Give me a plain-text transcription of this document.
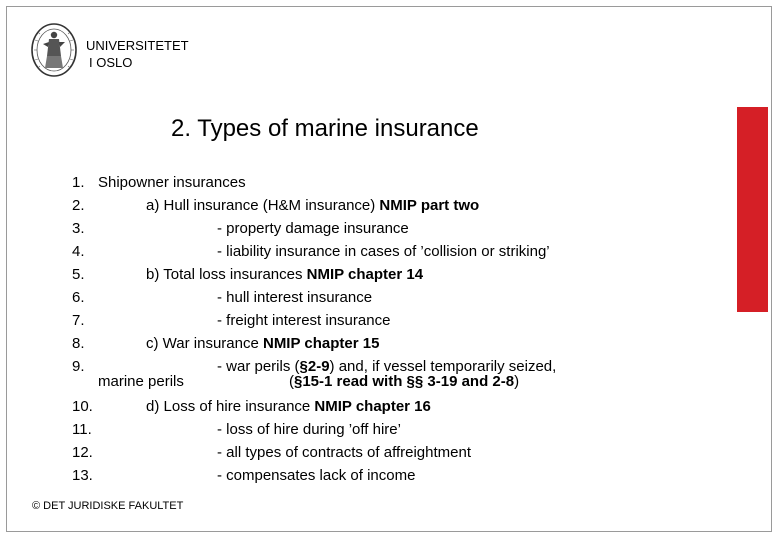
UNIVERSITETET
I OSLO
2. Types of marine insurance
1. Shipowner insurances
2.	a) Hull insurance (H&M insurance) NMIP part two
3.	- property damage insurance
4.	- liability insurance in cases of ’collision or striking’
5.	b) Total loss insurances NMIP chapter 14
6.	- hull interest insurance
7.	- freight interest insurance
8.	c) War insurance NMIP chapter 15
9.	- war perils (§2-9) and, if vessel temporarily seized,
marine perils	(§15-1 read with §§ 3-19 and 2-8)
10.	d) Loss of hire insurance NMIP chapter 16
11.	- loss of hire during ’off hire’
12.	- all types of contracts of affreightment
13.	- compensates lack of income
© DET JURIDISKE FAKULTET
